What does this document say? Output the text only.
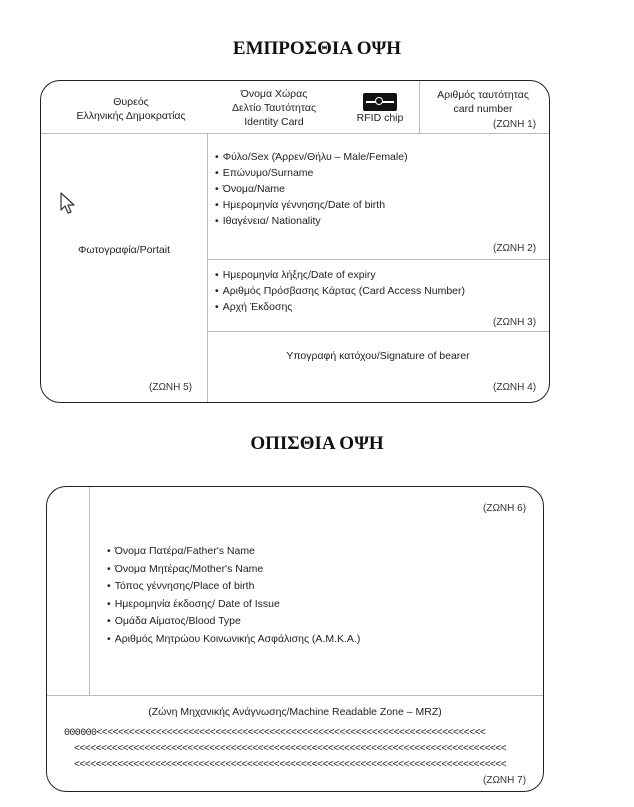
ΕΜΠΡΟΣΘΙΑ ΟΨΗ
Θυρεός
Ελληνικής Δημοκρατίας
Όνομα Χώρας
Δελτίο Ταυτότητας
Identity Card	RFID chip
Αριθμός ταυτότητας
card number
(ΖΩΝΗ 1)
Φωτογραφία/Portait
(ΖΩΝΗ 5)
• Φύλο/Sex (Άρρεν/Θήλυ – Male/Female)
• Επώνυμο/Surname
• Όνομα/Name
• Ημερομηνία γέννησης/Date of birth
• Ιθαγένεια/ Nationality
(ΖΩΝΗ 2)
• Ημερομηνία λήξης/Date of expiry
• Αριθμός Πρόσβασης Κάρτας (Card Access Number)
• Αρχή Έκδοσης
(ΖΩΝΗ 3)
Υπογραφή κατόχου/Signature of bearer
(ΖΩΝΗ 4)
ΟΠΙΣΘΙΑ ΟΨΗ
(ΖΩΝΗ 6)
• Όνομα Πατέρα/Father's Name
• Όνομα Μητέρας/Mother's Name
• Τόπος γέννησης/Place of birth
• Ημερομηνία έκδοσης/ Date of Issue
• Ομάδα Αίματος/Blood Type
• Αριθμός Μητρώου Κοινωνικής Ασφάλισης (Α.Μ.Κ.Α.)
(Ζώνη Μηχανικής Ανάγνωσης/Machine Readable Zone – MRZ)
(ΖΩΝΗ 7)
000000<<<<<<<<<<<<<<<<<<<<<<<<<<<<<<<<<<<<<<<<<<<<<<<<<<<<<<<<<<<<<<<<<<<<<<<<
<<<<<<<<<<<<<<<<<<<<<<<<<<<<<<<<<<<<<<<<<<<<<<<<<<<<<<<<<<<<<<<<<<<<<<<<<<<<<<<<
<<<<<<<<<<<<<<<<<<<<<<<<<<<<<<<<<<<<<<<<<<<<<<<<<<<<<<<<<<<<<<<<<<<<<<<<<<<<<<<<
